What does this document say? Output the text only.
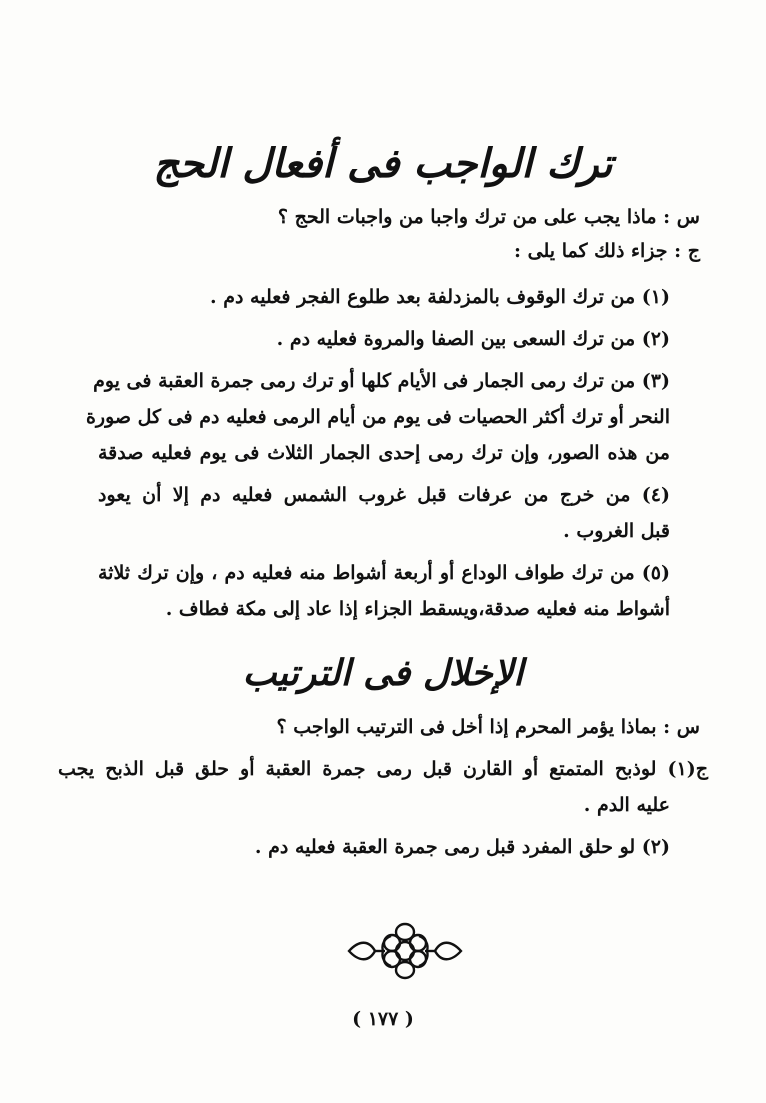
ترك الواجب فى أفعال الحج
س : ماذا يجب على من ترك واجبا من واجبات الحج ؟
ج : جزاء ذلك كما يلى :
(١) من ترك الوقوف بالمزدلفة بعد طلوع الفجر فعليه دم .
(٢) من ترك السعى بين الصفا والمروة فعليه دم .
(٣) من ترك رمى الجمار فى الأيام كلها أو ترك رمى جمرة العقبة فى يوم
النحر أو ترك أكثر الحصيات فى يوم من أيام الرمى فعليه دم فى كل صورة
من هذه الصور، وإن ترك رمى إحدى الجمار الثلاث فى يوم فعليه صدقة
(٤) من خرج من عرفات قبل غروب الشمس فعليه دم إلا أن يعود
قبل الغروب .
(٥) من ترك طواف الوداع أو أربعة أشواط منه فعليه دم ، وإن ترك ثلاثة
أشواط منه فعليه صدقة،ويسقط الجزاء إذا عاد إلى مكة فطاف .
الإخلال فى الترتيب
س : بماذا يؤمر المحرم إذا أخل فى الترتيب الواجب ؟
ج(١) لوذبح المتمتع أو القارن قبل رمى جمرة العقبة أو حلق قبل الذبح يجب
عليه الدم .
(٢) لو حلق المفرد قبل رمى جمرة العقبة فعليه دم .
( ١٧٧ )
